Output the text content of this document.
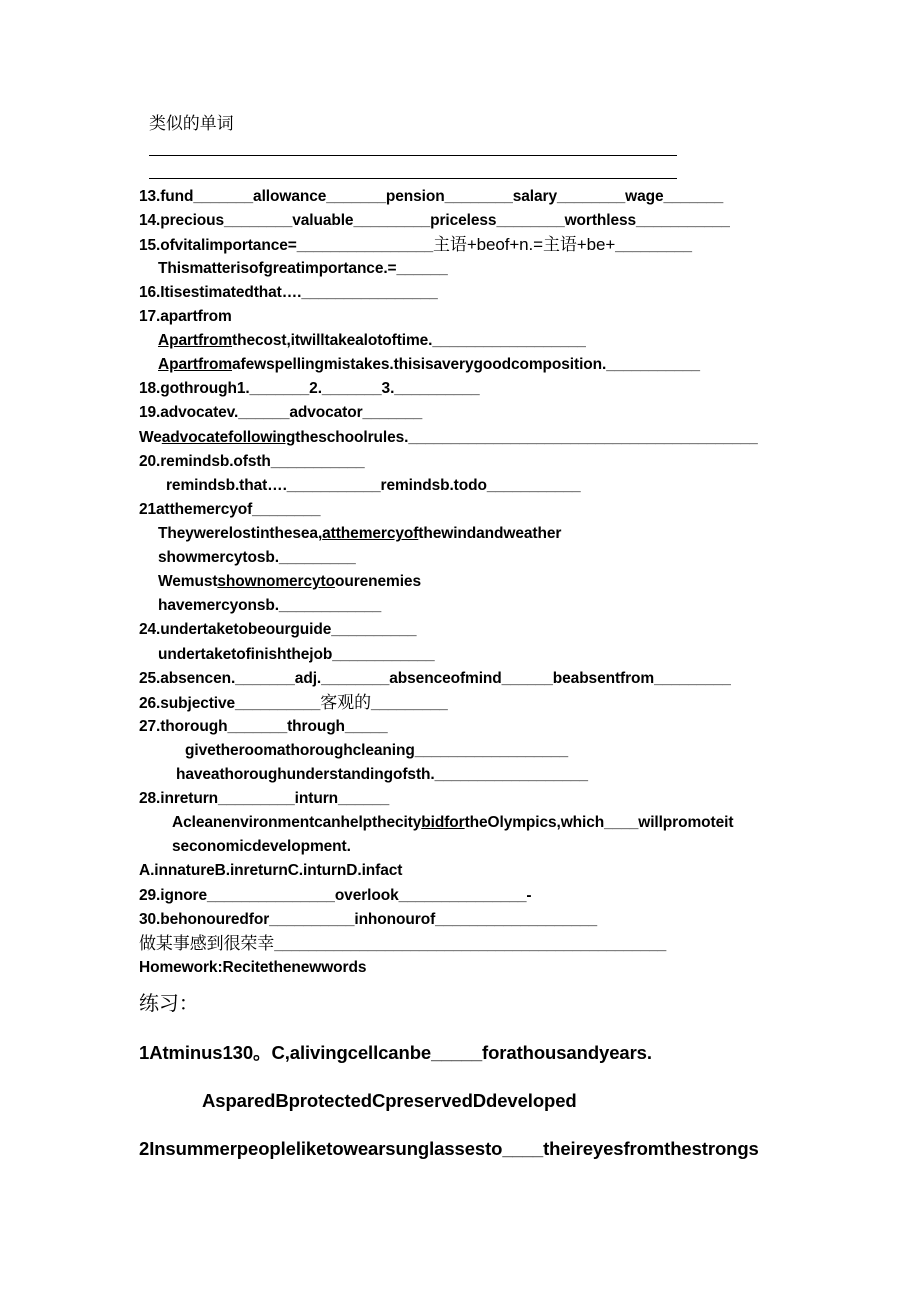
类似的单词
13.fund_______allowance_______pension________salary________wage_______
14.precious________valuable_________priceless________worthless___________
15.ofvitalimportance=________________主语+beof+n.=主语+be+_________
Thismatterisofgreatimportance.=______
16.Itisestimatedthat….________________
17.apartfrom
Apartfromthecost,itwilltakealotoftime.__________________
Apartfromafewspellingmistakes.thisisaverygoodcomposition.___________
18.gothrough1._______2._______3.__________
19.advocatev.______advocator_______
Weadvocatefollowingtheschoolrules._________________________________________
20.remindsb.ofsth___________
remindsb.that….___________remindsb.todo___________
21atthemercyof________
Theywerelostinthesea,atthemercyofthewindandweather
showmercytosb._________
Wemustshownomercytoourenemies
havemercyonsb.____________
24.undertaketobeourguide__________
undertaketofinishthejob____________
25.absencen._______adj.________absenceofmind______beabsentfrom_________
26.subjective__________客观的_________
27.thorough_______through_____
givetheroomathoroughcleaning__________________
haveathoroughunderstandingofsth.__________________
28.inreturn_________inturn______
AcleanenvironmentcanhelpthecitybidfortheOlympics,which____willpromoteit
seconomicdevelopment.
A.innatureB.inreturnC.inturnD.infact
29.ignore_______________overlook_______________-
30.behonouredfor__________inhonourof___________________
做某事感到很荣幸______________________________________________
Homework:Recitethenewwords
练习：
1Atminus130。C,alivingcellcanbe_____forathousandyears.
AsparedBprotectedCpreservedDdeveloped
2Insummerpeopleliketowearsunglassesto____theireyesfromthestrongs
